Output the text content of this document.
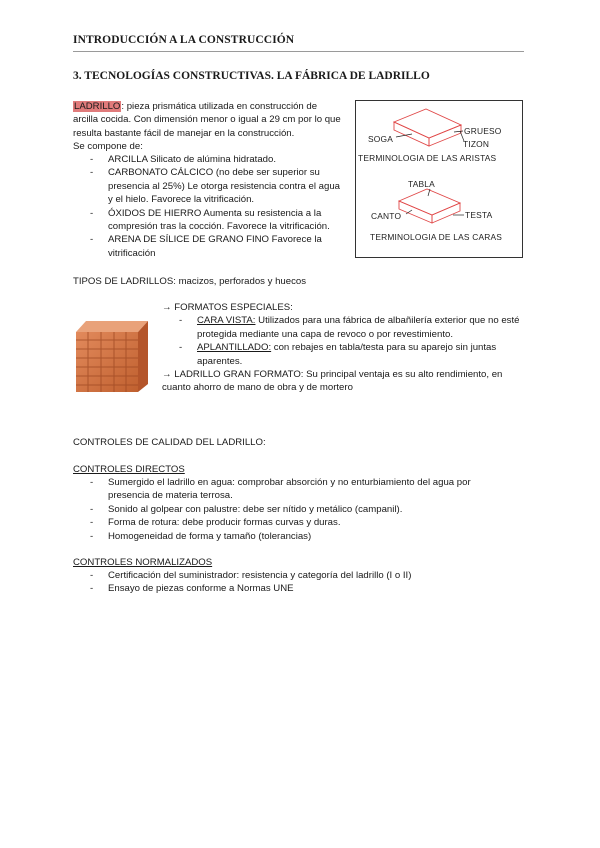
INTRODUCCIÓN A LA CONSTRUCCIÓN
3. TECNOLOGÍAS CONSTRUCTIVAS. LA FÁBRICA DE LADRILLO
LADRILLO: pieza prismática utilizada en construcción de arcilla cocida. Con dimensión menor o igual a 29 cm por lo que resulta bastante fácil de manejar en la construcción.
Se compone de:
- ARCILLA Silicato de alúmina hidratado.
- CARBONATO CÁLCICO (no debe ser superior su presencia al 25%) Le otorga resistencia contra el agua y el hielo. Favorece la vitrificación.
- ÓXIDOS DE HIERRO Aumenta su resistencia a la compresión tras la cocción. Favorece la vitrificación.
- ARENA DE SÍLICE DE GRANO FINO Favorece la vitrificación
SOGA
GRUESO
TIZON
TERMINOLOGIA DE LAS ARISTAS
TABLA
CANTO	TESTA
TERMINOLOGIA DE LAS CARAS
TIPOS DE LADRILLOS: macizos, perforados y huecos
→ FORMATOS ESPECIALES:
- CARA VISTA: Utilizados para una fábrica de albañilería exterior que no esté protegida mediante una capa de revoco o por revestimiento.
- APLANTILLADO: con rebajes en tabla/testa para su aparejo sin juntas aparentes.
→ LADRILLO GRAN FORMATO: Su principal ventaja es su alto rendimiento, en cuanto ahorro de mano de obra y de mortero
CONTROLES DE CALIDAD DEL LADRILLO:
CONTROLES DIRECTOS
- Sumergido el ladrillo en agua: comprobar absorción y no enturbiamiento del agua por presencia de materia terrosa.
- Sonido al golpear con palustre: debe ser nítido y metálico (campanil).
- Forma de rotura: debe producir formas curvas y duras.
- Homogeneidad de forma y tamaño (tolerancias)
CONTROLES NORMALIZADOS
- Certificación del suministrador: resistencia y categoría del ladrillo (I o II)
- Ensayo de piezas conforme a Normas UNE
